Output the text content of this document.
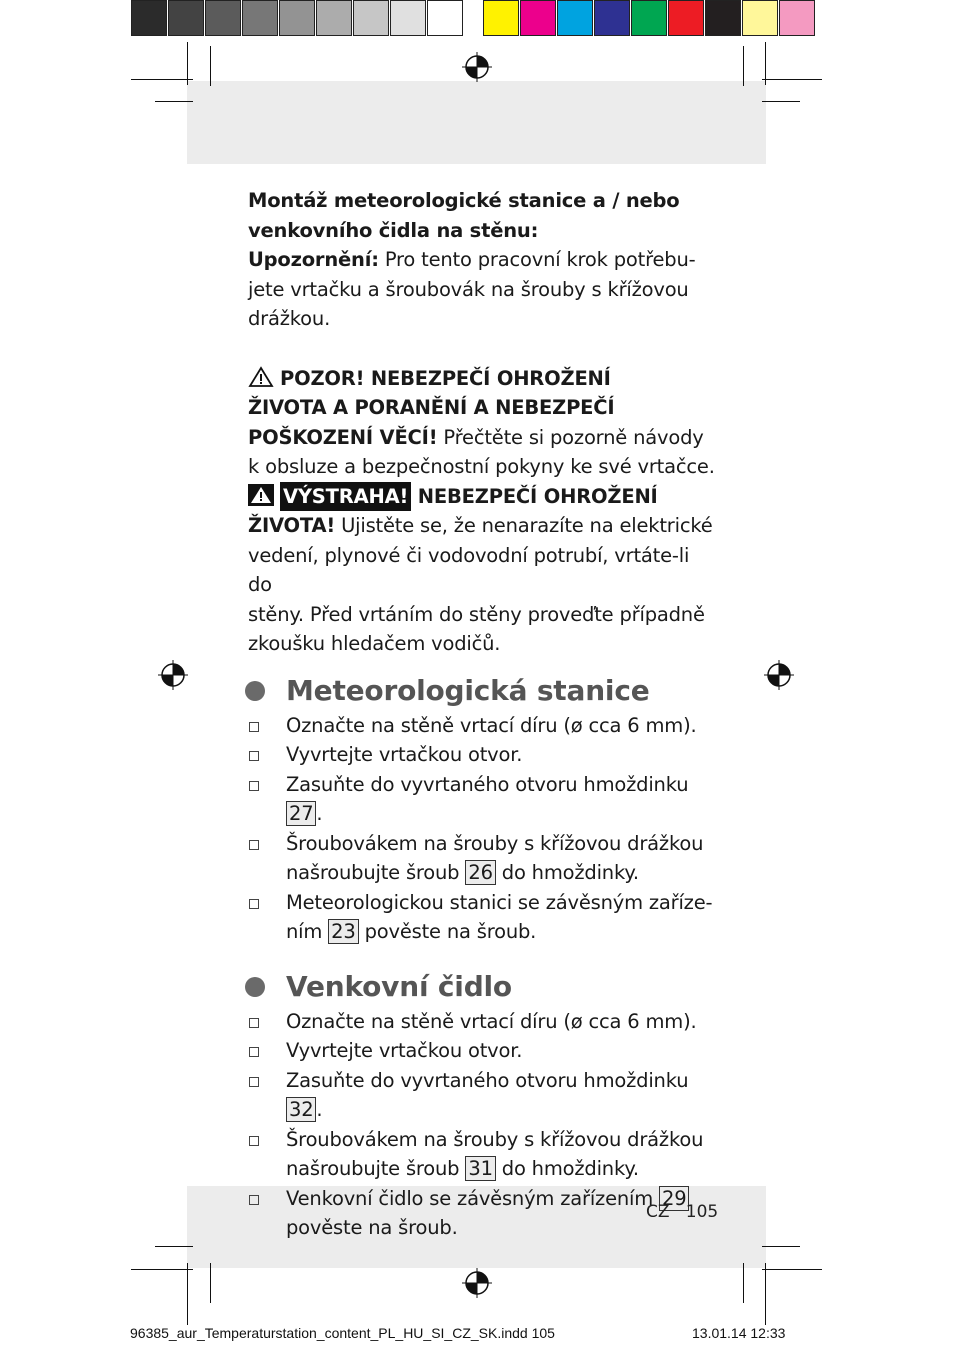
Montáž meteorologické stanice a / nebo
venkovního čidla na stěnu:

Upozornění: Pro tento pracovní krok potřebu-
jete vrtačku a šroubovák na šrouby s křížovou
drážkou.

POZOR! NEBEZPEČÍ OHROŽENÍ
ŽIVOTA A PORANĚNÍ A NEBEZPEČÍ
POŠKOZENÍ VĚCÍ! Přečtěte si pozorně návody
k obsluze a bezpečnostní pokyny ke své vrtačce.

VÝSTRAHA! NEBEZPEČÍ OHROŽENÍ
ŽIVOTA! Ujistěte se, že nenarazíte na elektrické
vedení, plynové či vodovodní potrubí, vrtáte-li do
stěny. Před vrtáním do stěny proveďte případně
zkoušku hledačem vodičů.

Meteorologická stanice
Označte na stěně vrtací díru (ø cca 6 mm).
Vyvrtejte vrtačkou otvor.
Zasuňte do vyvrtaného otvoru hmoždinku 27 .
Šroubovákem na šrouby s křížovou drážkou
našroubujte šroub 26 do hmoždinky.
Meteorologickou stanici se závěsným zaříze-
ním 23 pověste na šroub.
Venkovní čidlo
Označte na stěně vrtací díru (ø cca 6 mm).
Vyvrtejte vrtačkou otvor.
Zasuňte do vyvrtaného otvoru hmoždinku 32 .
Šroubovákem na šrouby s křížovou drážkou
našroubujte šroub 31 do hmoždinky.
Venkovní čidlo se závěsným zařízením 29
pověste na šroub.
CZ 105
96385_aur_Temperaturstation_content_PL_HU_SI_CZ_SK.indd 105	13.01.14 12:33
